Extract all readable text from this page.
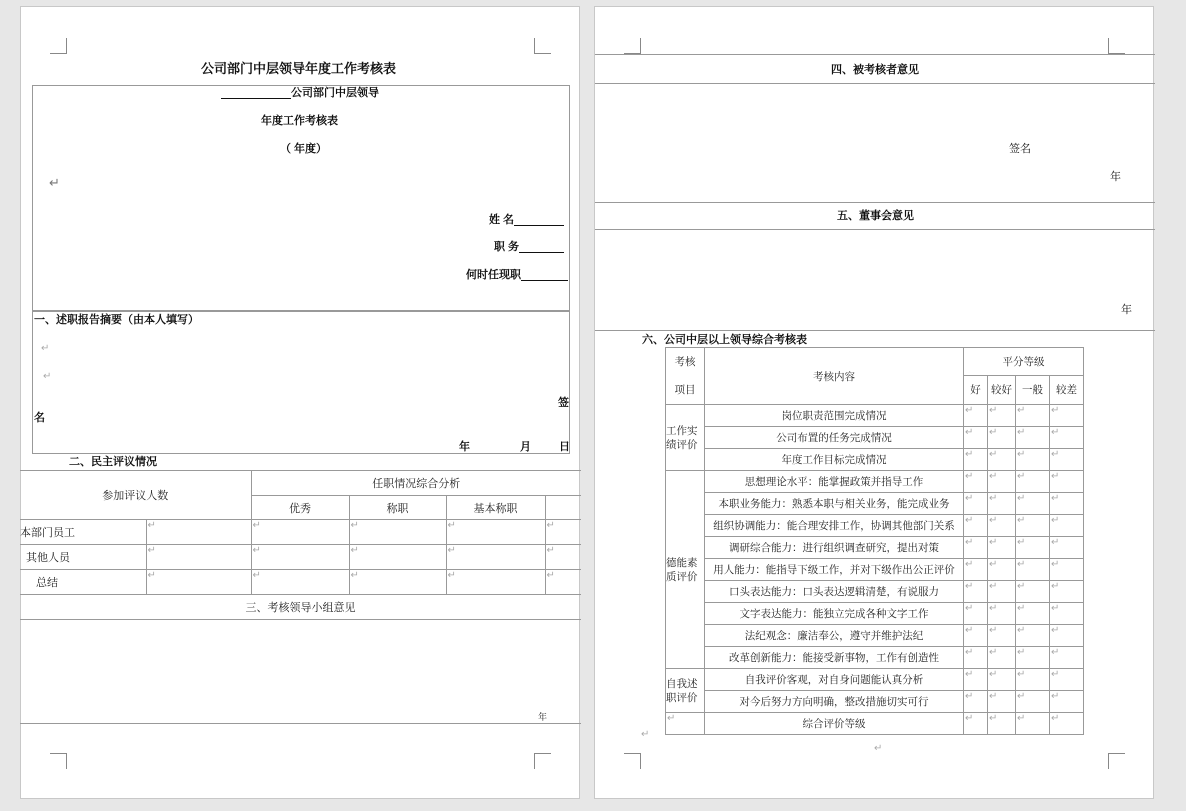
公司部门中层领导年度工作考核表
公司部门中层领导
年度工作考核表
（ 年度）
↵
姓 名
职 务
何时任现职
一、述职报告摘要（由本人填写）
↵
↵
签
名
年	月	日
二、民主评议情况
参加评议人数		任职情况综合分析			
		优秀	称职	基本称职	
本部门员工	↵	↵	↵	↵	↵
其他人员	↵	↵	↵	↵	↵
总结	↵	↵	↵	↵	↵
三、考核领导小组意见					
年					
四、被考核者意见
签名
年
五、董事会意见
年
六、公司中层以上领导综合考核表
考核
项目	考核内容	平分等级			
		好	较好	一般	较差
工作实绩评价	岗位职责范围完成情况	↵	↵	↵	↵
	公司布置的任务完成情况	↵	↵	↵	↵
	年度工作目标完成情况	↵	↵	↵	↵
德能素质评价	思想理论水平：能掌握政策并指导工作	↵	↵	↵	↵
	本职业务能力：熟悉本职与相关业务，能完成业务	↵	↵	↵	↵
	组织协调能力：能合理安排工作，协调其他部门关系	↵	↵	↵	↵
	调研综合能力：进行组织调查研究，提出对策	↵	↵	↵	↵
	用人能力：能指导下级工作，并对下级作出公正评价	↵	↵	↵	↵
	口头表达能力：口头表达逻辑清楚，有说服力	↵	↵	↵	↵
	文字表达能力：能独立完成各种文字工作	↵	↵	↵	↵
	法纪观念：廉洁奉公，遵守并维护法纪	↵	↵	↵	↵
	改革创新能力：能接受新事物，工作有创造性	↵	↵	↵	↵
自我述职评价	自我评价客观，对自身问题能认真分析	↵	↵	↵	↵
	对今后努力方向明确，整改措施切实可行	↵	↵	↵	↵
↵	综合评价等级	↵	↵	↵	↵
↵
↵
